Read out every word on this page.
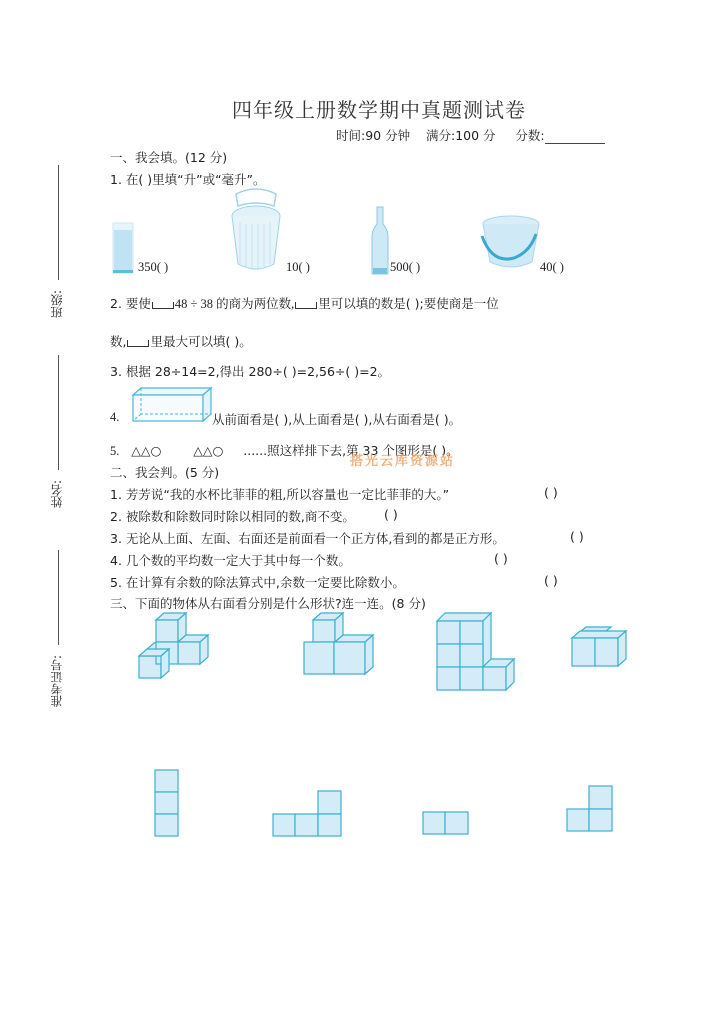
四年级上册数学期中真题测试卷
时间:90 分钟 满分:100 分 分数:
班级:
姓名:
准考证号:
一、我会填。(12 分)
1. 在( )里填“升”或“毫升”。
350( )	10( )	500( )	40( )
2. 要使 48 ÷ 38 的商为两位数, 里可以填的数是( );要使商是一位
数, 里最大可以填( )。
3. 根据 28÷14=2,得出 280÷( )=2,56÷( )=2。
4.	从前面看是( ),从上面看是( ),从右面看是( )。
5. △△○	△△○ ......照这样排下去,第 33 个图形是( )。
搭光云库资源站
二、我会判。(5 分)
1. 芳芳说“我的水杯比菲菲的粗,所以容量也一定比菲菲的大。”	( )
2. 被除数和除数同时除以相同的数,商不变。 ( )
3. 无论从上面、左面、右面还是前面看一个正方体,看到的都是正方形。	( )
4. 几个数的平均数一定大于其中每一个数。	( )
5. 在计算有余数的除法算式中,余数一定要比除数小。	( )
三、下面的物体从右面看分别是什么形状?连一连。(8 分)
